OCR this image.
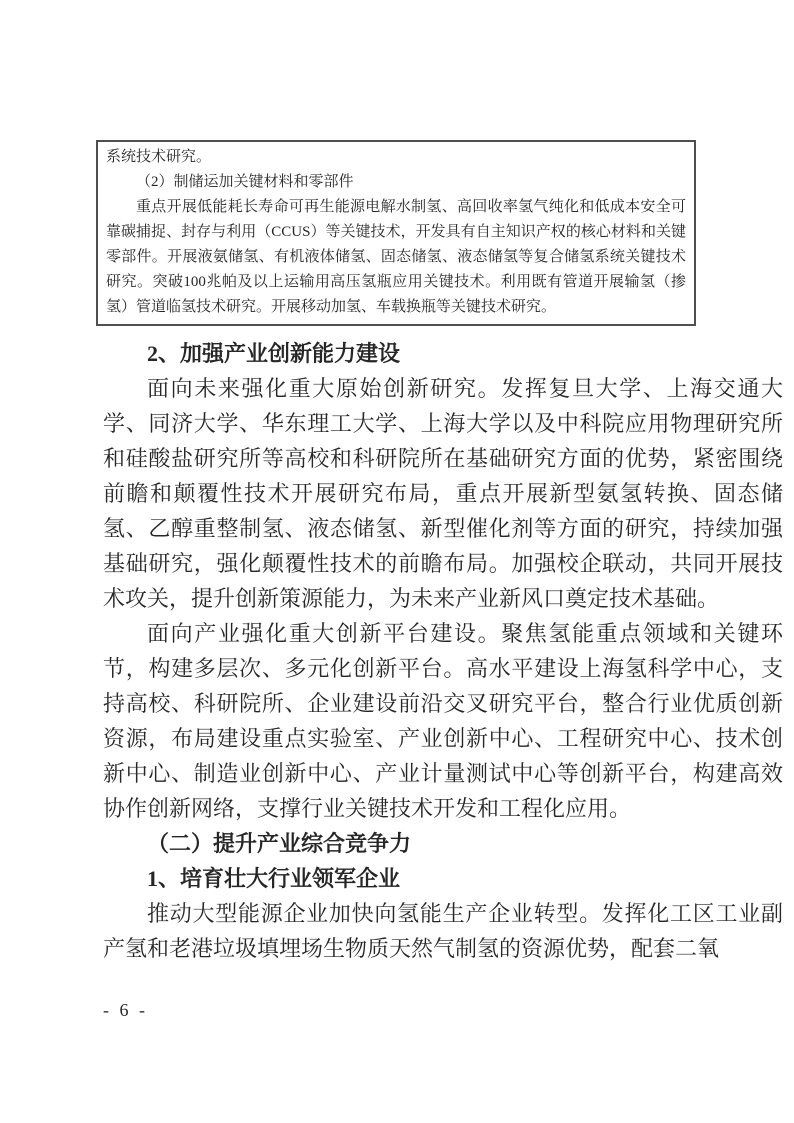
系统技术研究。

（2）制储运加关键材料和零部件

重点开展低能耗长寿命可再生能源电解水制氢、高回收率氢气纯化和低成本安全可靠碳捕捉、封存与利用（CCUS）等关键技术，开发具有自主知识产权的核心材料和关键零部件。开展液氨储氢、有机液体储氢、固态储氢、液态储氢等复合储氢系统关键技术研究。突破100兆帕及以上运输用高压氢瓶应用关键技术。利用既有管道开展输氢（掺氢）管道临氢技术研究。开展移动加氢、车载换瓶等关键技术研究。

2、加强产业创新能力建设

面向未来强化重大原始创新研究。发挥复旦大学、上海交通大学、同济大学、华东理工大学、上海大学以及中科院应用物理研究所和硅酸盐研究所等高校和科研院所在基础研究方面的优势，紧密围绕前瞻和颠覆性技术开展研究布局，重点开展新型氨氢转换、固态储氢、乙醇重整制氢、液态储氢、新型催化剂等方面的研究，持续加强基础研究，强化颠覆性技术的前瞻布局。加强校企联动，共同开展技术攻关，提升创新策源能力，为未来产业新风口奠定技术基础。

面向产业强化重大创新平台建设。聚焦氢能重点领域和关键环节，构建多层次、多元化创新平台。高水平建设上海氢科学中心，支持高校、科研院所、企业建设前沿交叉研究平台，整合行业优质创新资源，布局建设重点实验室、产业创新中心、工程研究中心、技术创新中心、制造业创新中心、产业计量测试中心等创新平台，构建高效协作创新网络，支撑行业关键技术开发和工程化应用。

（二）提升产业综合竞争力

1、培育壮大行业领军企业

推动大型能源企业加快向氢能生产企业转型。发挥化工区工业副产氢和老港垃圾填埋场生物质天然气制氢的资源优势，配套二氧

- 6 -
